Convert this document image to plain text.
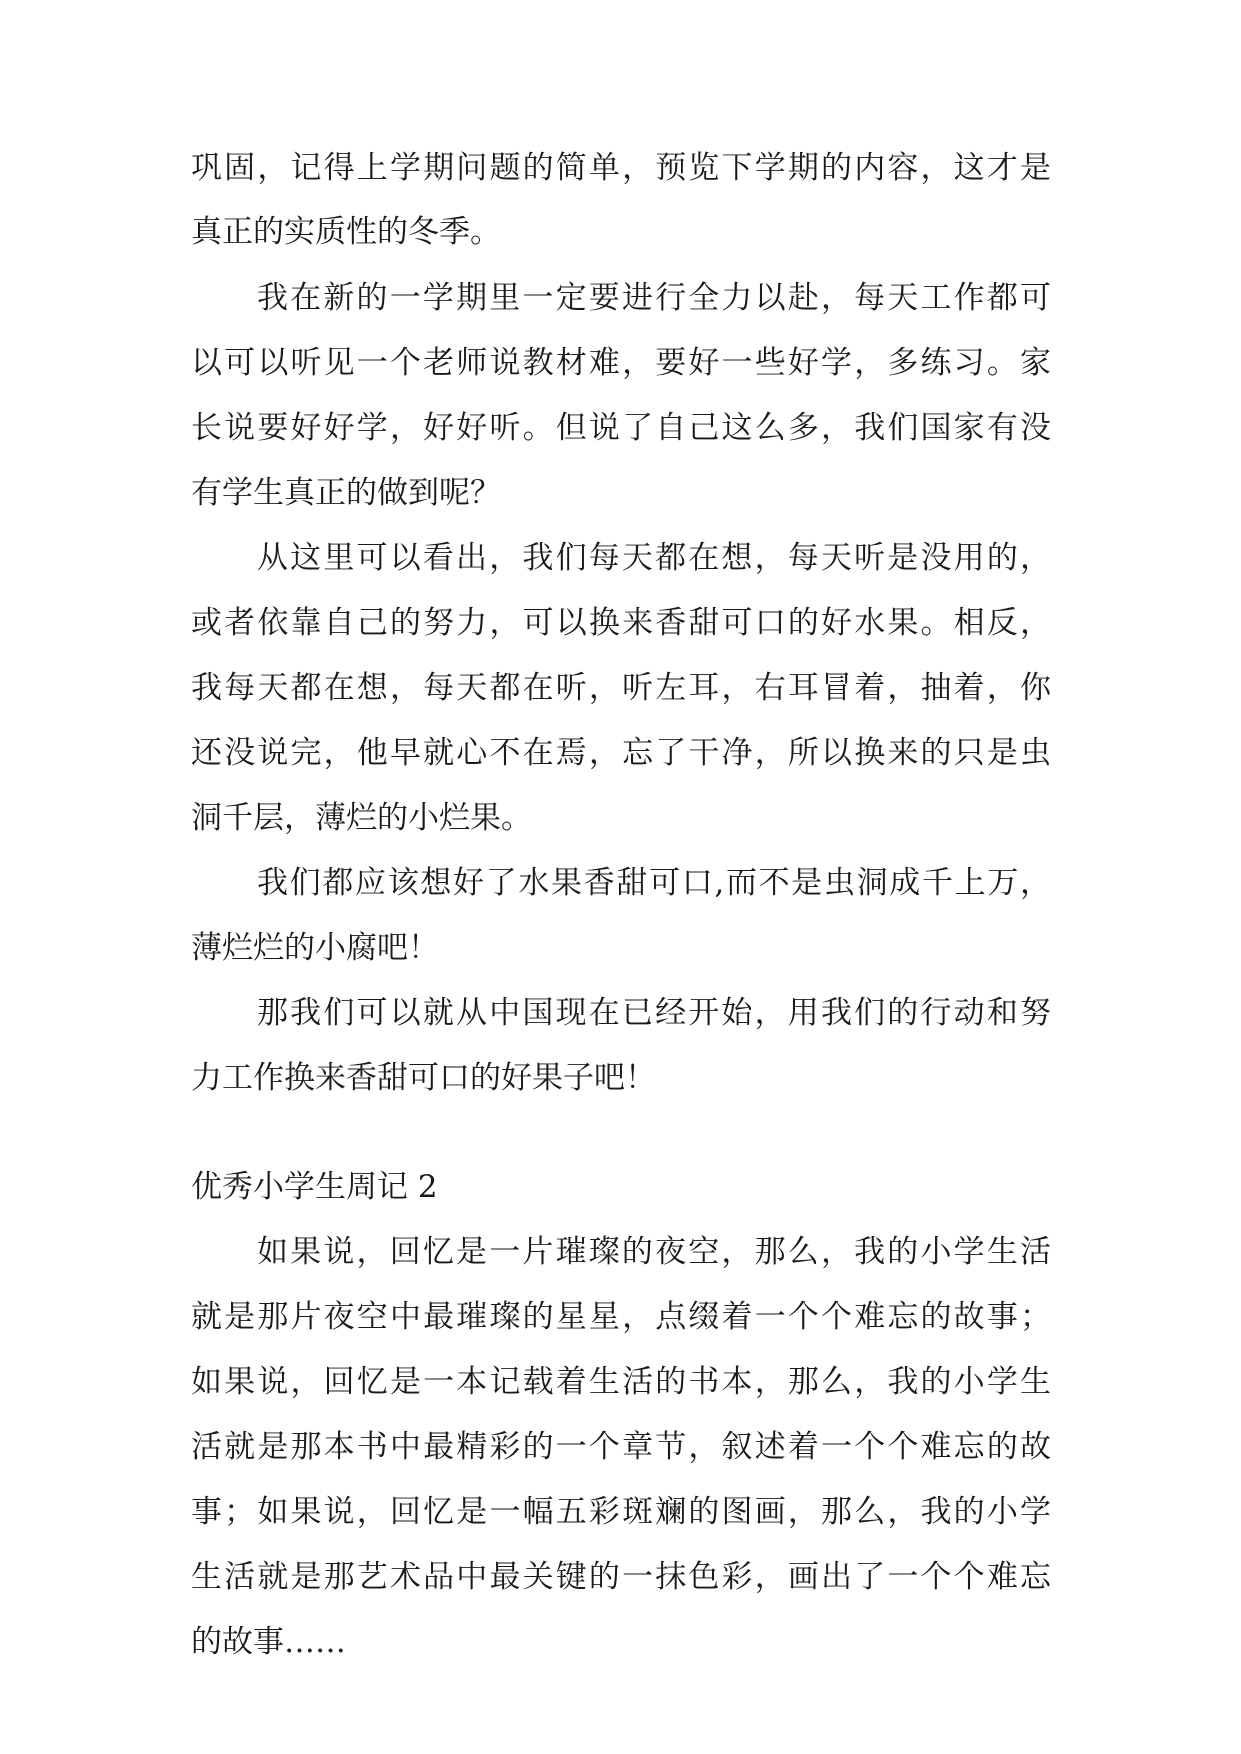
巩固，记得上学期问题的简单，预览下学期的内容，这才是
真正的实质性的冬季。
我在新的一学期里一定要进行全力以赴，每天工作都可
以可以听见一个老师说教材难，要好一些好学，多练习。家
长说要好好学，好好听。但说了自己这么多，我们国家有没
有学生真正的做到呢？
从这里可以看出，我们每天都在想，每天听是没用的，
或者依靠自己的努力，可以换来香甜可口的好水果。相反，
我每天都在想，每天都在听，听左耳，右耳冒着，抽着，你
还没说完，他早就心不在焉，忘了干净，所以换来的只是虫
洞千层，薄烂的小烂果。
我们都应该想好了水果香甜可口,而不是虫洞成千上万，
薄烂烂的小腐吧！
那我们可以就从中国现在已经开始，用我们的行动和努
力工作换来香甜可口的好果子吧！
优秀小学生周记 2
如果说，回忆是一片璀璨的夜空，那么，我的小学生活
就是那片夜空中最璀璨的星星，点缀着一个个难忘的故事；
如果说，回忆是一本记载着生活的书本，那么，我的小学生
活就是那本书中最精彩的一个章节，叙述着一个个难忘的故
事；如果说，回忆是一幅五彩斑斓的图画，那么，我的小学
生活就是那艺术品中最关键的一抹色彩，画出了一个个难忘
的故事……
